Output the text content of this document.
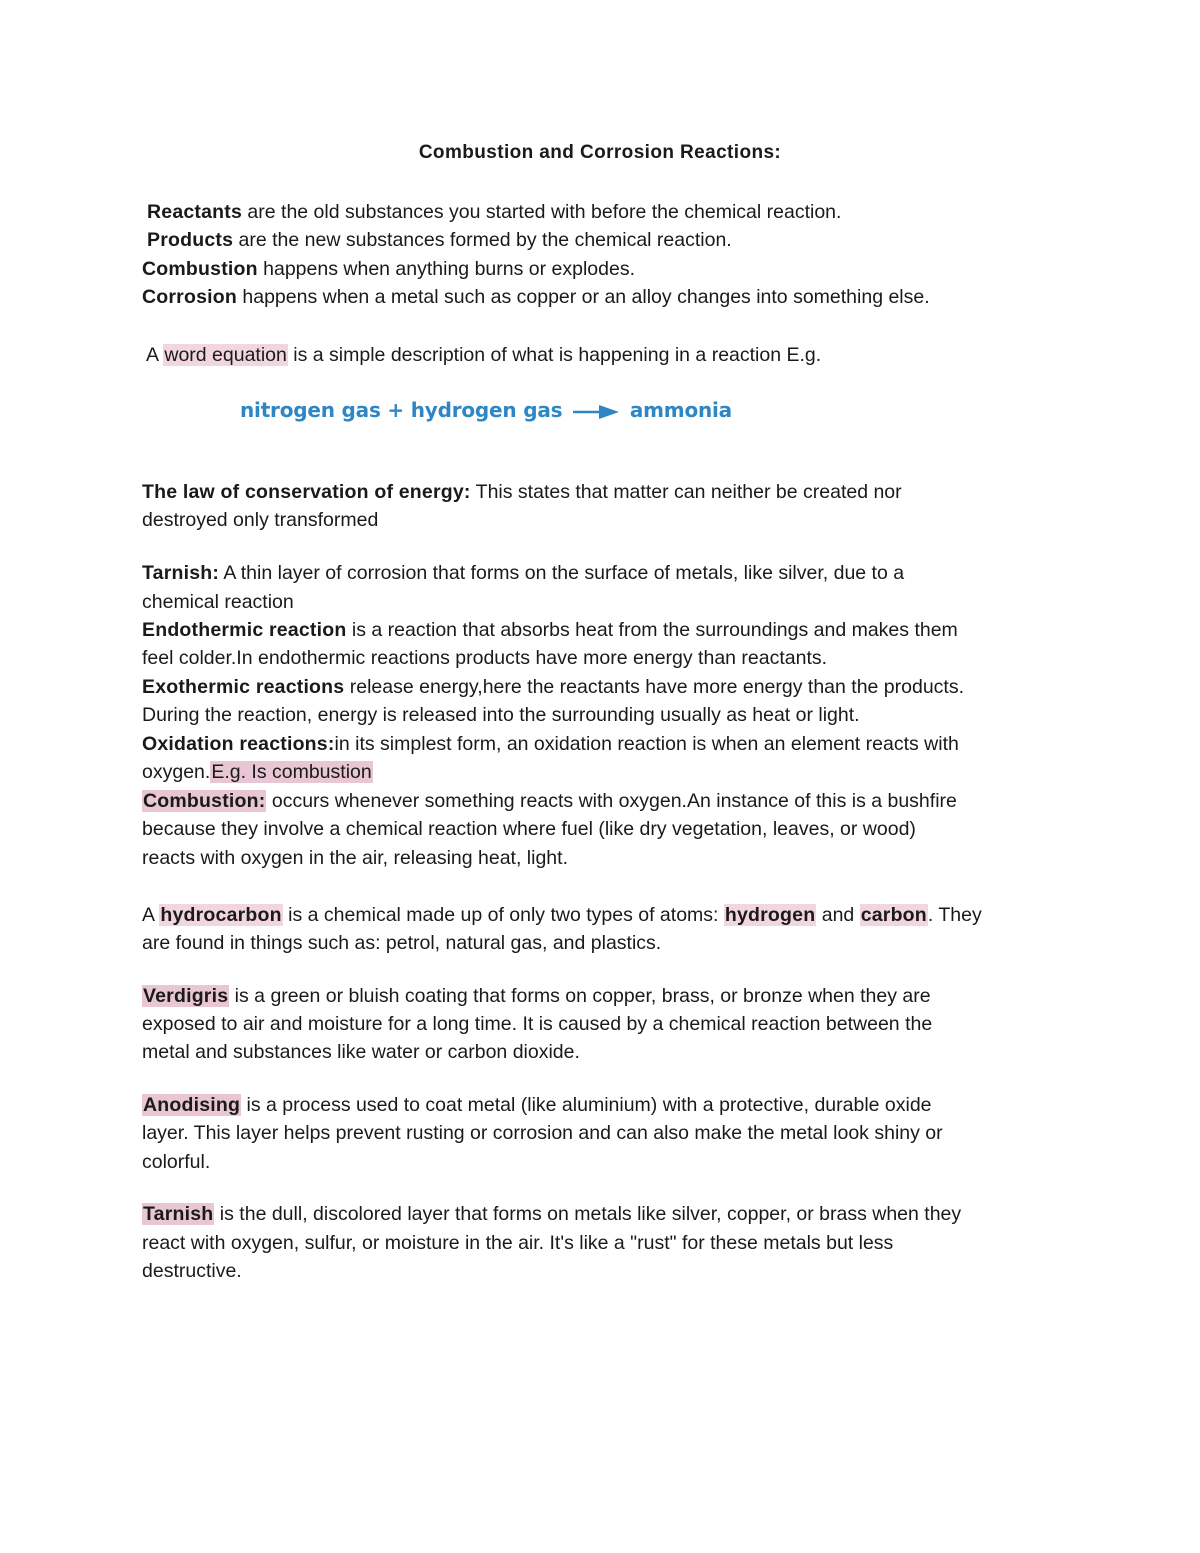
Combustion and Corrosion Reactions:
Reactants are the old substances you started with before the chemical reaction.
Products are the new substances formed by the chemical reaction.
Combustion happens when anything burns or explodes.
Corrosion happens when a metal such as copper or an alloy changes into something else.
A word equation is a simple description of what is happening in a reaction E.g.
nitrogen gas + hydrogen gas → ammonia
The law of conservation of energy: This states that matter can neither be created nor
destroyed only transformed
Tarnish: A thin layer of corrosion that forms on the surface of metals, like silver, due to a
chemical reaction
Endothermic reaction is a reaction that absorbs heat from the surroundings and makes them
feel colder.In endothermic reactions products have more energy than reactants.
Exothermic reactions release energy,here the reactants have more energy than the products.
During the reaction, energy is released into the surrounding usually as heat or light.
Oxidation reactions:in its simplest form, an oxidation reaction is when an element reacts with
oxygen.E.g. Is combustion
Combustion: occurs whenever something reacts with oxygen.An instance of this is a bushfire
because they involve a chemical reaction where fuel (like dry vegetation, leaves, or wood)
reacts with oxygen in the air, releasing heat, light.
A hydrocarbon is a chemical made up of only two types of atoms: hydrogen and carbon. They
are found in things such as: petrol, natural gas, and plastics.
Verdigris is a green or bluish coating that forms on copper, brass, or bronze when they are
exposed to air and moisture for a long time. It is caused by a chemical reaction between the
metal and substances like water or carbon dioxide.
Anodising is a process used to coat metal (like aluminium) with a protective, durable oxide
layer. This layer helps prevent rusting or corrosion and can also make the metal look shiny or
colorful.
Tarnish is the dull, discolored layer that forms on metals like silver, copper, or brass when they
react with oxygen, sulfur, or moisture in the air. It's like a "rust" for these metals but less
destructive.
